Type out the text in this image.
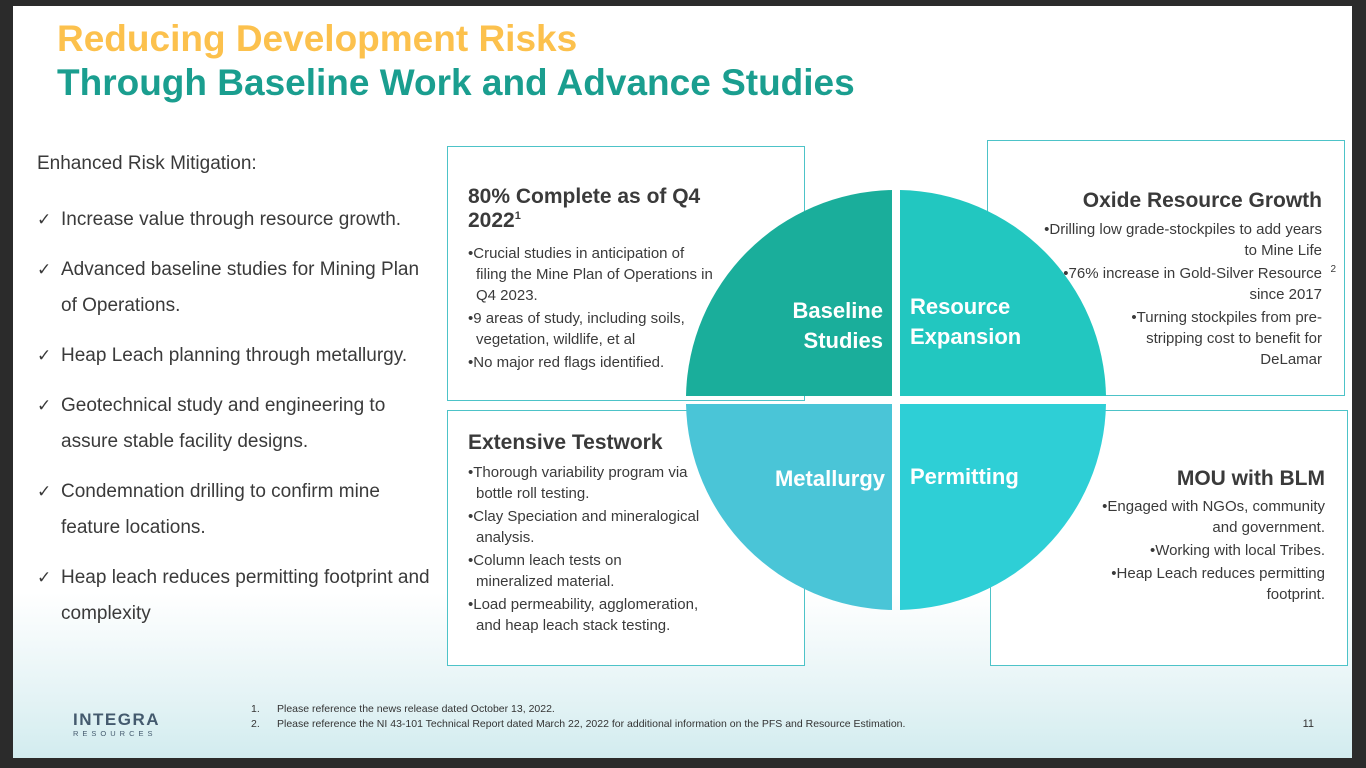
Reducing Development Risks
Through Baseline Work and Advance Studies
Enhanced Risk Mitigation:
✓ Increase value through resource growth.
✓ Advanced baseline studies for Mining Plan of Operations.
✓ Heap Leach planning through metallurgy.
✓ Geotechnical study and engineering to assure stable facility designs.
✓ Condemnation drilling to confirm mine feature locations.
✓ Heap leach reduces permitting footprint and complexity
80% Complete as of Q4 2022$^1$
•Crucial studies in anticipation of filing the Mine Plan of Operations in Q4 2023.
•9 areas of study, including soils, vegetation, wildlife, et al
•No major red flags identified.
Oxide Resource Growth
•Drilling low grade-stockpiles to add years to Mine Life
•76% increase in Gold-Silver Resource since 2017
2
•Turning stockpiles from pre-stripping cost to benefit for DeLamar
Extensive Testwork
•Thorough variability program via bottle roll testing.
•Clay Speciation and mineralogical analysis.
•Column leach tests on mineralized material.
•Load permeability, agglomeration, and heap leach stack testing.
MOU with BLM
•Engaged with NGOs, community and government.
•Working with local Tribes.
•Heap Leach reduces permitting footprint.
Baseline Studies
Resource Expansion
Metallurgy Permitting
1. Please reference the news release dated October 13, 2022.
2. Please reference the NI 43-101 Technical Report dated March 22, 2022 for additional information on the PFS and Resource Estimation.
INTEGRA
RESOURCES
11
